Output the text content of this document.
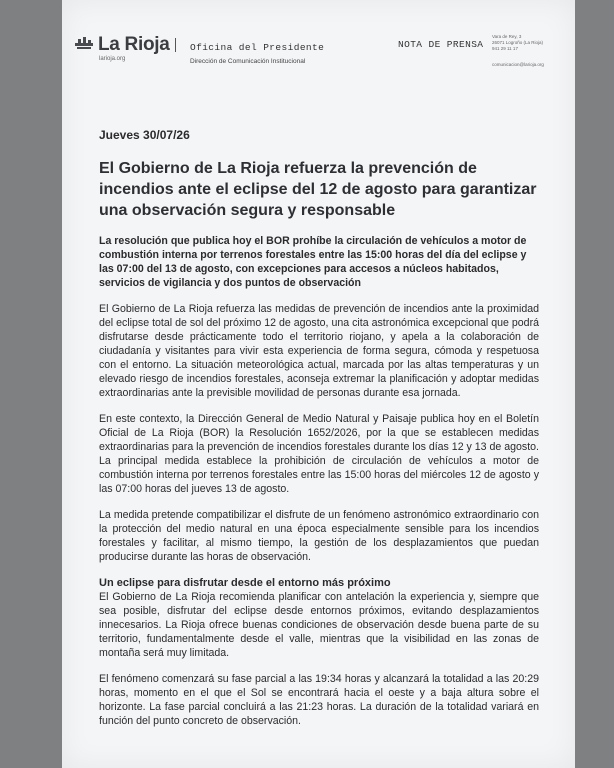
La Rioja
larioja.org
Oficina del Presidente
Dirección de Comunicación Institucional
NOTA DE PRENSA
Vara de Rey, 3
26071 Logroño (La Rioja)
941 29 11 17
comunicacion@larioja.org

Jueves 30/07/26

El Gobierno de La Rioja refuerza la prevención de incendios ante el eclipse del 12 de agosto para garantizar una observación segura y responsable

La resolución que publica hoy el BOR prohíbe la circulación de vehículos a motor de combustión interna por terrenos forestales entre las 15:00 horas del día del eclipse y las 07:00 del 13 de agosto, con excepciones para accesos a núcleos habitados, servicios de vigilancia y dos puntos de observación

El Gobierno de La Rioja refuerza las medidas de prevención de incendios ante la proximidad del eclipse total de sol del próximo 12 de agosto, una cita astronómica excepcional que podrá disfrutarse desde prácticamente todo el territorio riojano, y apela a la colaboración de ciudadanía y visitantes para vivir esta experiencia de forma segura, cómoda y respetuosa con el entorno. La situación meteorológica actual, marcada por las altas temperaturas y un elevado riesgo de incendios forestales, aconseja extremar la planificación y adoptar medidas extraordinarias ante la previsible movilidad de personas durante esa jornada.

En este contexto, la Dirección General de Medio Natural y Paisaje publica hoy en el Boletín Oficial de La Rioja (BOR) la Resolución 1652/2026, por la que se establecen medidas extraordinarias para la prevención de incendios forestales durante los días 12 y 13 de agosto. La principal medida establece la prohibición de circulación de vehículos a motor de combustión interna por terrenos forestales entre las 15:00 horas del miércoles 12 de agosto y las 07:00 horas del jueves 13 de agosto.

La medida pretende compatibilizar el disfrute de un fenómeno astronómico extraordinario con la protección del medio natural en una época especialmente sensible para los incendios forestales y facilitar, al mismo tiempo, la gestión de los desplazamientos que puedan producirse durante las horas de observación.

Un eclipse para disfrutar desde el entorno más próximo

El Gobierno de La Rioja recomienda planificar con antelación la experiencia y, siempre que sea posible, disfrutar del eclipse desde entornos próximos, evitando desplazamientos innecesarios. La Rioja ofrece buenas condiciones de observación desde buena parte de su territorio, fundamentalmente desde el valle, mientras que la visibilidad en las zonas de montaña será muy limitada.

El fenómeno comenzará su fase parcial a las 19:34 horas y alcanzará la totalidad a las 20:29 horas, momento en el que el Sol se encontrará hacia el oeste y a baja altura sobre el horizonte. La fase parcial concluirá a las 21:23 horas. La duración de la totalidad variará en función del punto concreto de observación.
